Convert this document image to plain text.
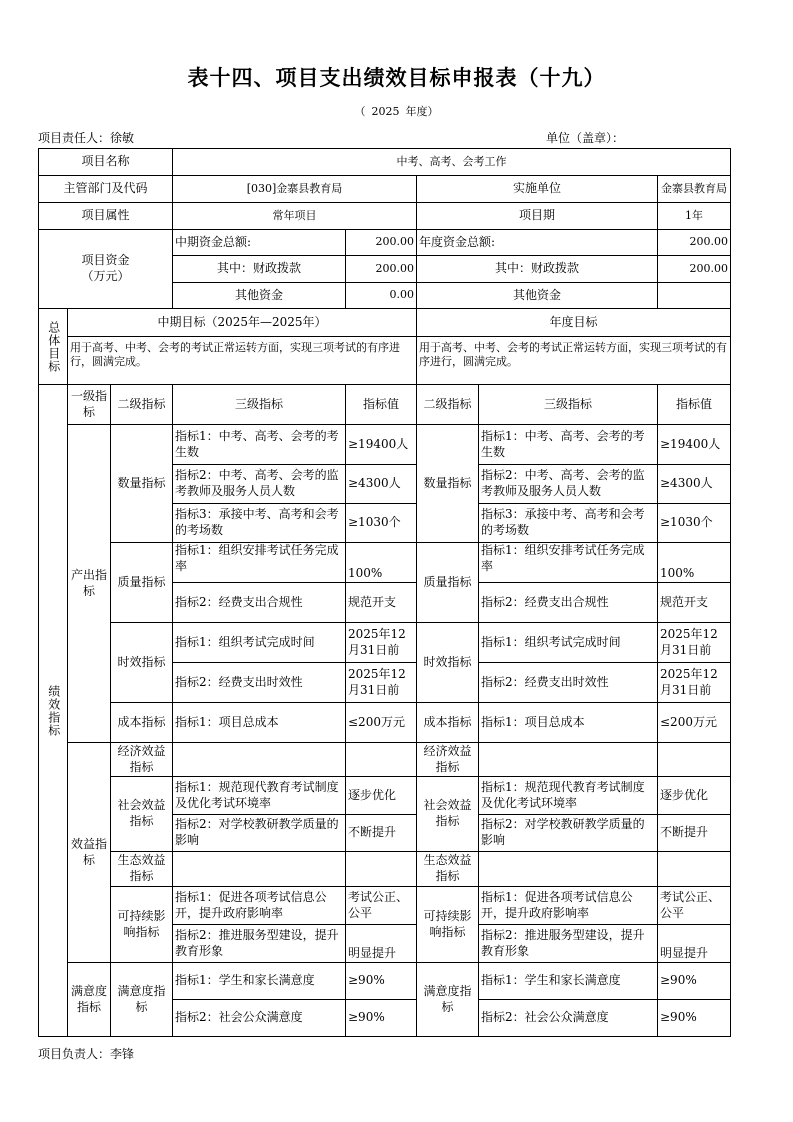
表十四、项目支出绩效目标申报表（十九）
（ 2025 年度）
项目责任人：徐敏	单位（盖章）：
项目名称			中考、高考、会考工作				
主管部门及代码			[030]金寨县教育局		实施单位		金寨县教育局
项目属性			常年项目		项目期		1年
项目资金
（万元）			中期资金总额:	200.00	年度资金总额:		200.00
			其中：财政拨款	200.00	其中：财政拨款		200.00
			其他资金	0.00	其他资金		

总体目标	中期目标（2025年—2025年）				年度目标		
	用于高考、中考、会考的考试正常运转方面，实现三项考试的有序进行，圆满完成。				用于高考、中考、会考的考试正常运转方面，实现三项考试的有序进行，圆满完成。		

绩效指标	一级指标	二级指标	三级指标	指标值	二级指标	三级指标	指标值
	产出指标	数量指标	指标1：中考、高考、会考的考生数	≥19400人	数量指标	指标1：中考、高考、会考的考生数	≥19400人
			指标2：中考、高考、会考的监考教师及服务人员人数	≥4300人		指标2：中考、高考、会考的监考教师及服务人员人数	≥4300人
			指标3：承接中考、高考和会考的考场数	≥1030个		指标3：承接中考、高考和会考的考场数	≥1030个
		质量指标	指标1：组织安排考试任务完成率	100%	质量指标	指标1：组织安排考试任务完成率	100%
			指标2：经费支出合规性	规范开支		指标2：经费支出合规性	规范开支
		时效指标	指标1：组织考试完成时间	2025年12月31日前	时效指标	指标1：组织考试完成时间	2025年12月31日前
			指标2：经费支出时效性	2025年12月31日前		指标2：经费支出时效性	2025年12月31日前
		成本指标	指标1：项目总成本	≤200万元	成本指标	指标1：项目总成本	≤200万元
	效益指标	经济效益指标			经济效益指标		
		社会效益指标	指标1：规范现代教育考试制度及优化考试环境率	逐步优化	社会效益指标	指标1：规范现代教育考试制度及优化考试环境率	逐步优化
			指标2：对学校教研教学质量的影响	不断提升		指标2：对学校教研教学质量的影响	不断提升
		生态效益指标			生态效益指标		
		可持续影响指标	指标1：促进各项考试信息公开，提升政府影响率	考试公正、公平	可持续影响指标	指标1：促进各项考试信息公开，提升政府影响率	考试公正、公平
			指标2：推进服务型建设，提升教育形象	明显提升		指标2：推进服务型建设，提升教育形象	明显提升
	满意度指标	满意度指标	指标1：学生和家长满意度	≥90%	满意度指标	指标1：学生和家长满意度	≥90%
			指标2：社会公众满意度	≥90%		指标2：社会公众满意度	≥90%
项目负责人：李锋
